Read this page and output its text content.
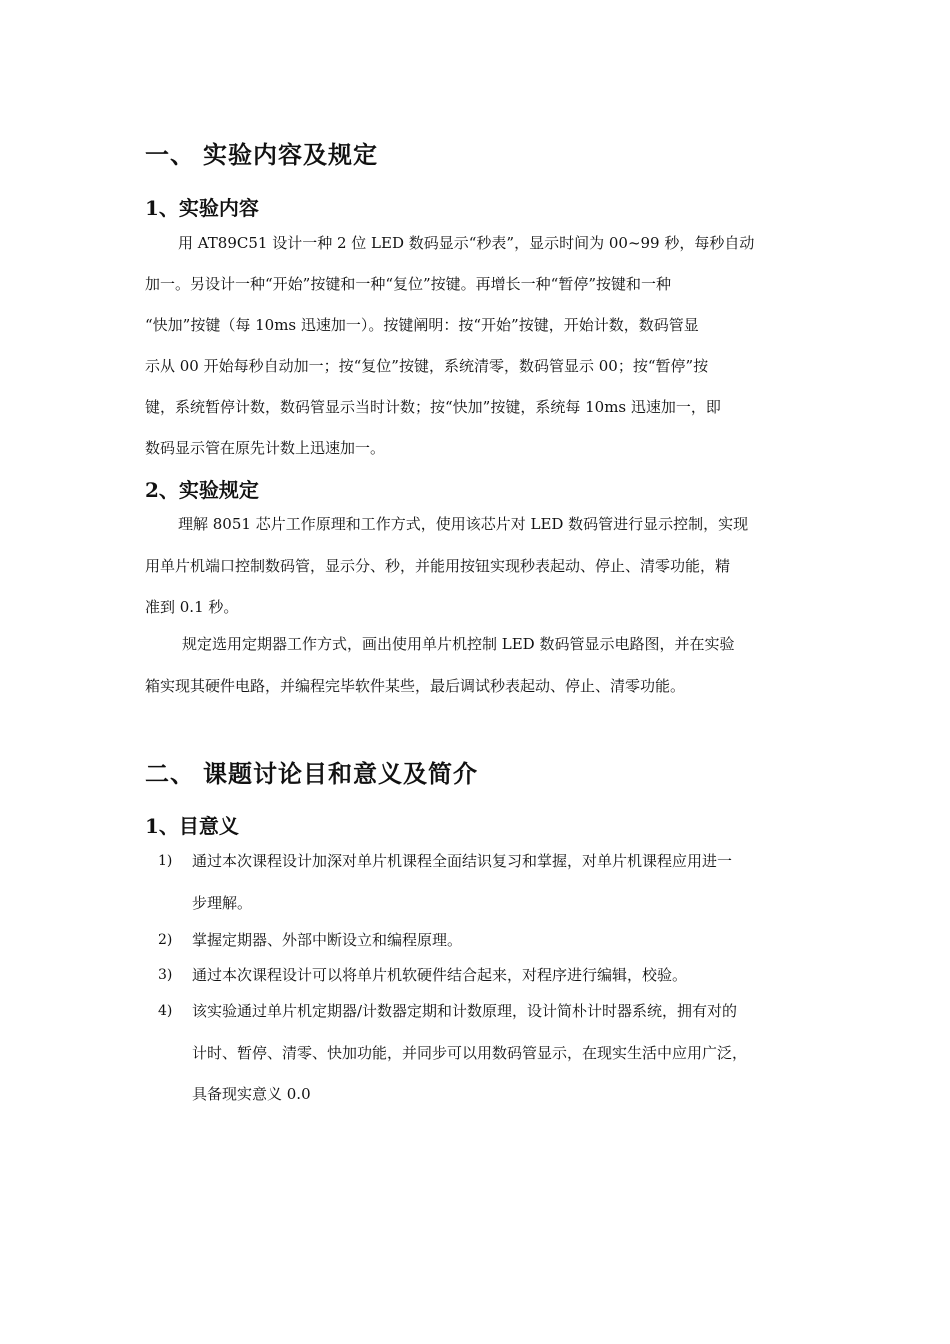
一、 实验内容及规定
1、实验内容
用 AT89C51 设计一种 2 位 LED 数码显示“秒表”，显示时间为 00~99 秒，每秒自动
加一。另设计一种“开始”按键和一种“复位”按键。再增长一种“暂停”按键和一种
“快加”按键（每 10ms 迅速加一）。按键阐明：按“开始”按键，开始计数，数码管显
示从 00 开始每秒自动加一；按“复位”按键，系统清零，数码管显示 00；按“暂停”按
键，系统暂停计数，数码管显示当时计数；按“快加”按键，系统每 10ms 迅速加一，即
数码显示管在原先计数上迅速加一。
2、实验规定
理解 8051 芯片工作原理和工作方式，使用该芯片对 LED 数码管进行显示控制，实现
用单片机端口控制数码管，显示分、秒，并能用按钮实现秒表起动、停止、清零功能，精
准到 0.1 秒。
规定选用定期器工作方式，画出使用单片机控制 LED 数码管显示电路图，并在实验
箱实现其硬件电路，并编程完毕软件某些，最后调试秒表起动、停止、清零功能。
二、 课题讨论目和意义及简介
1、目意义
1) 通过本次课程设计加深对单片机课程全面结识复习和掌握，对单片机课程应用进一
步理解。
2) 掌握定期器、外部中断设立和编程原理。
3) 通过本次课程设计可以将单片机软硬件结合起来，对程序进行编辑，校验。
4) 该实验通过单片机定期器/计数器定期和计数原理，设计简朴计时器系统，拥有对的
计时、暂停、清零、快加功能，并同步可以用数码管显示，在现实生活中应用广泛，
具备现实意义 0.0
